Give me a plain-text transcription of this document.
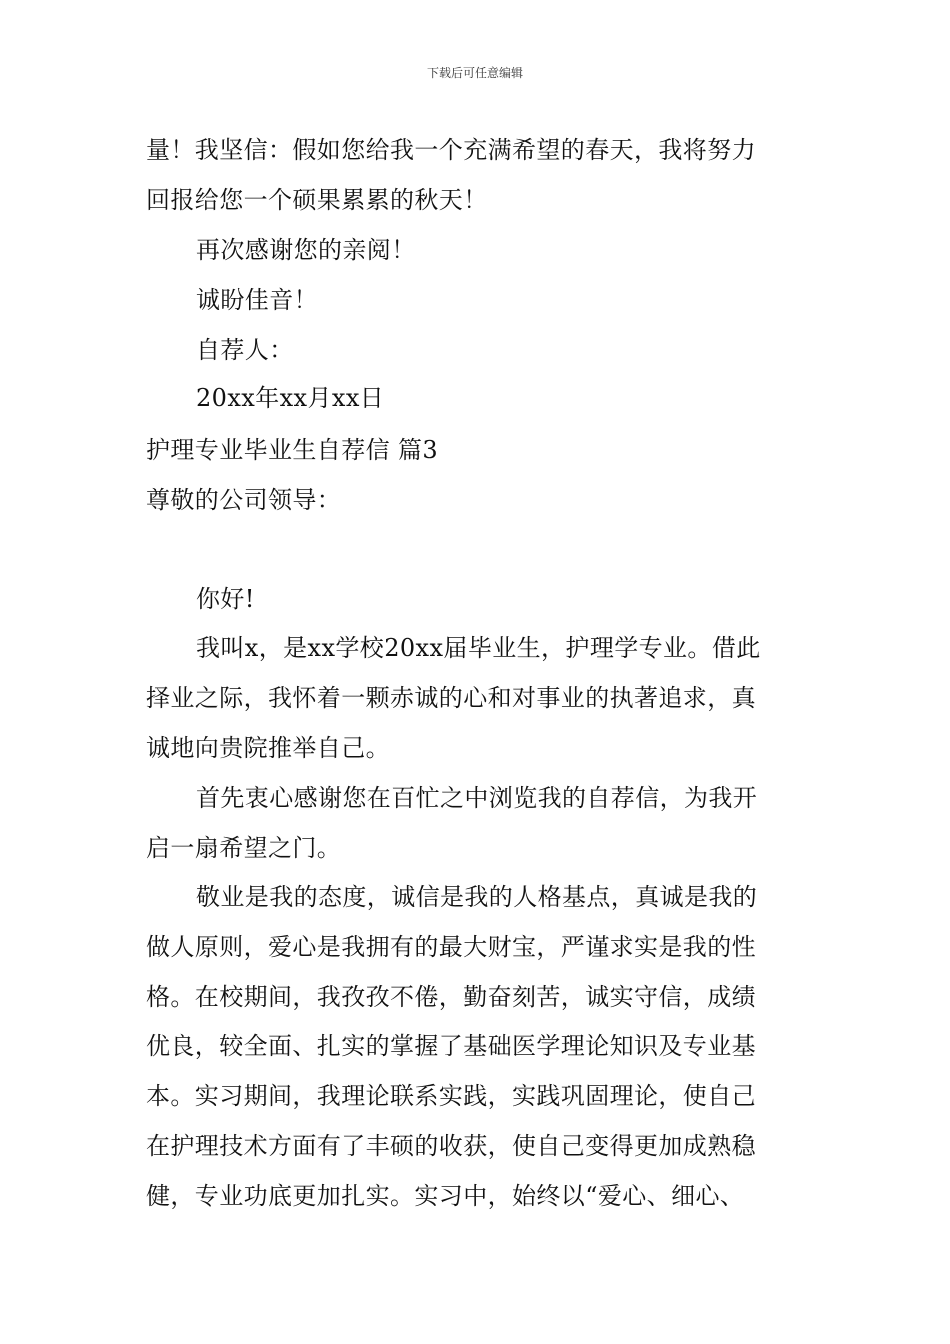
下载后可任意编辑
量！我坚信：假如您给我一个充满希望的春天，我将努力
回报给您一个硕果累累的秋天！
再次感谢您的亲阅！
诚盼佳音！
自荐人：
20xx年xx月xx日
护理专业毕业生自荐信 篇3
尊敬的公司领导：
你好!
我叫x，是xx学校20xx届毕业生，护理学专业。借此
择业之际，我怀着一颗赤诚的心和对事业的执著追求，真
诚地向贵院推举自己。
首先衷心感谢您在百忙之中浏览我的自荐信，为我开
启一扇希望之门。
敬业是我的态度，诚信是我的人格基点，真诚是我的
做人原则，爱心是我拥有的最大财宝，严谨求实是我的性
格。在校期间，我孜孜不倦，勤奋刻苦，诚实守信，成绩
优良，较全面、扎实的掌握了基础医学理论知识及专业基
本。实习期间，我理论联系实践，实践巩固理论，使自己
在护理技术方面有了丰硕的收获，使自己变得更加成熟稳
健，专业功底更加扎实。实习中，始终以“爱心、细心、
